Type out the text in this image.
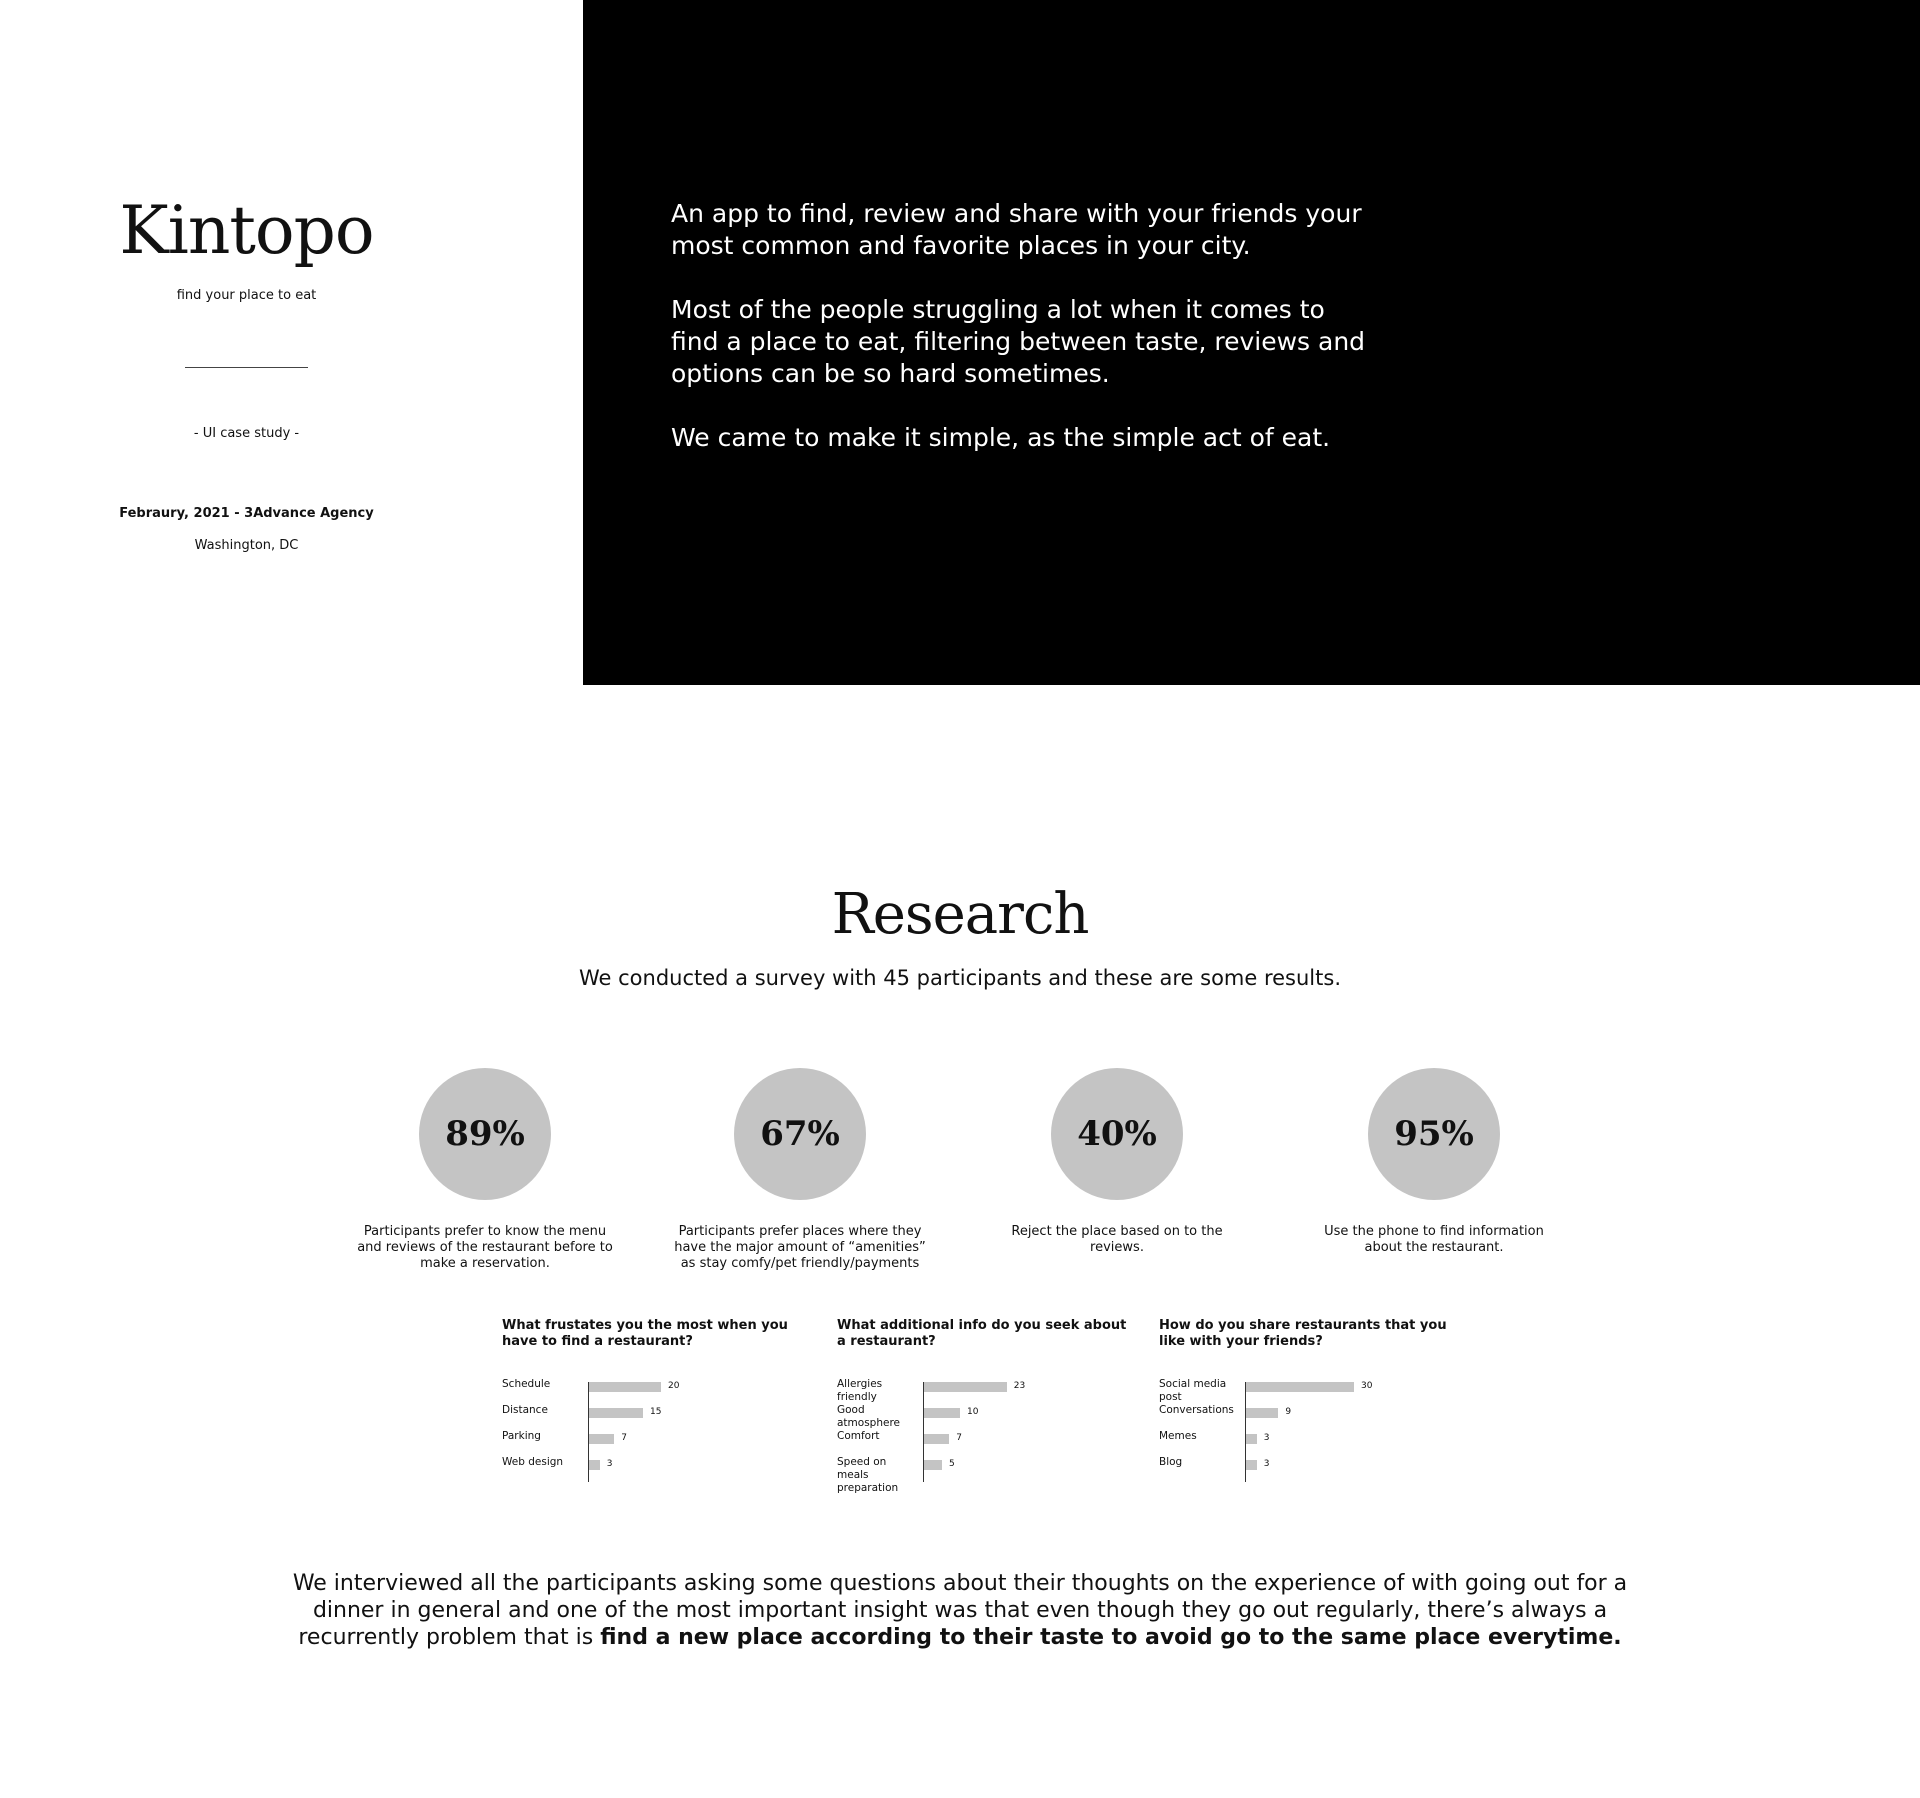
Kintopo
find your place to eat
- UI case study -
Febraury, 2021 - 3Advance Agency
Washington, DC

An app to find, review and share with your friends your most common and favorite places in your city.

Most of the people struggling a lot when it comes to find a place to eat, filtering between taste, reviews and options can be so hard sometimes.

We came to make it simple, as the simple act of eat.

Research
We conducted a survey with 45 participants and these are some results.
89%
Participants prefer to know the menu and reviews of the restaurant before to make a reservation.
67%
Participants prefer places where they have the major amount of “amenities” as stay comfy/pet friendly/payments
40%
Reject the place based on to the reviews.
95%
Use the phone to find information about the restaurant.
What frustates you the most when you have to find a restaurant?
Schedule	20
Distance	15
Parking	7
Web design	3
What additional info do you seek about a restaurant?
Allergies friendly
23
Good atmosphere
10
Comfort	7
Speed on meals preparation
5
How do you share restaurants that you like with your friends?
Social media post
30
Conversations	9
Memes	3
Blog	3
We interviewed all the participants asking some questions about their thoughts on the experience of with going out for a dinner in general and one of the most important insight was that even though they go out regularly, there’s always a recurrently problem that is find a new place according to their taste to avoid go to the same place everytime.
